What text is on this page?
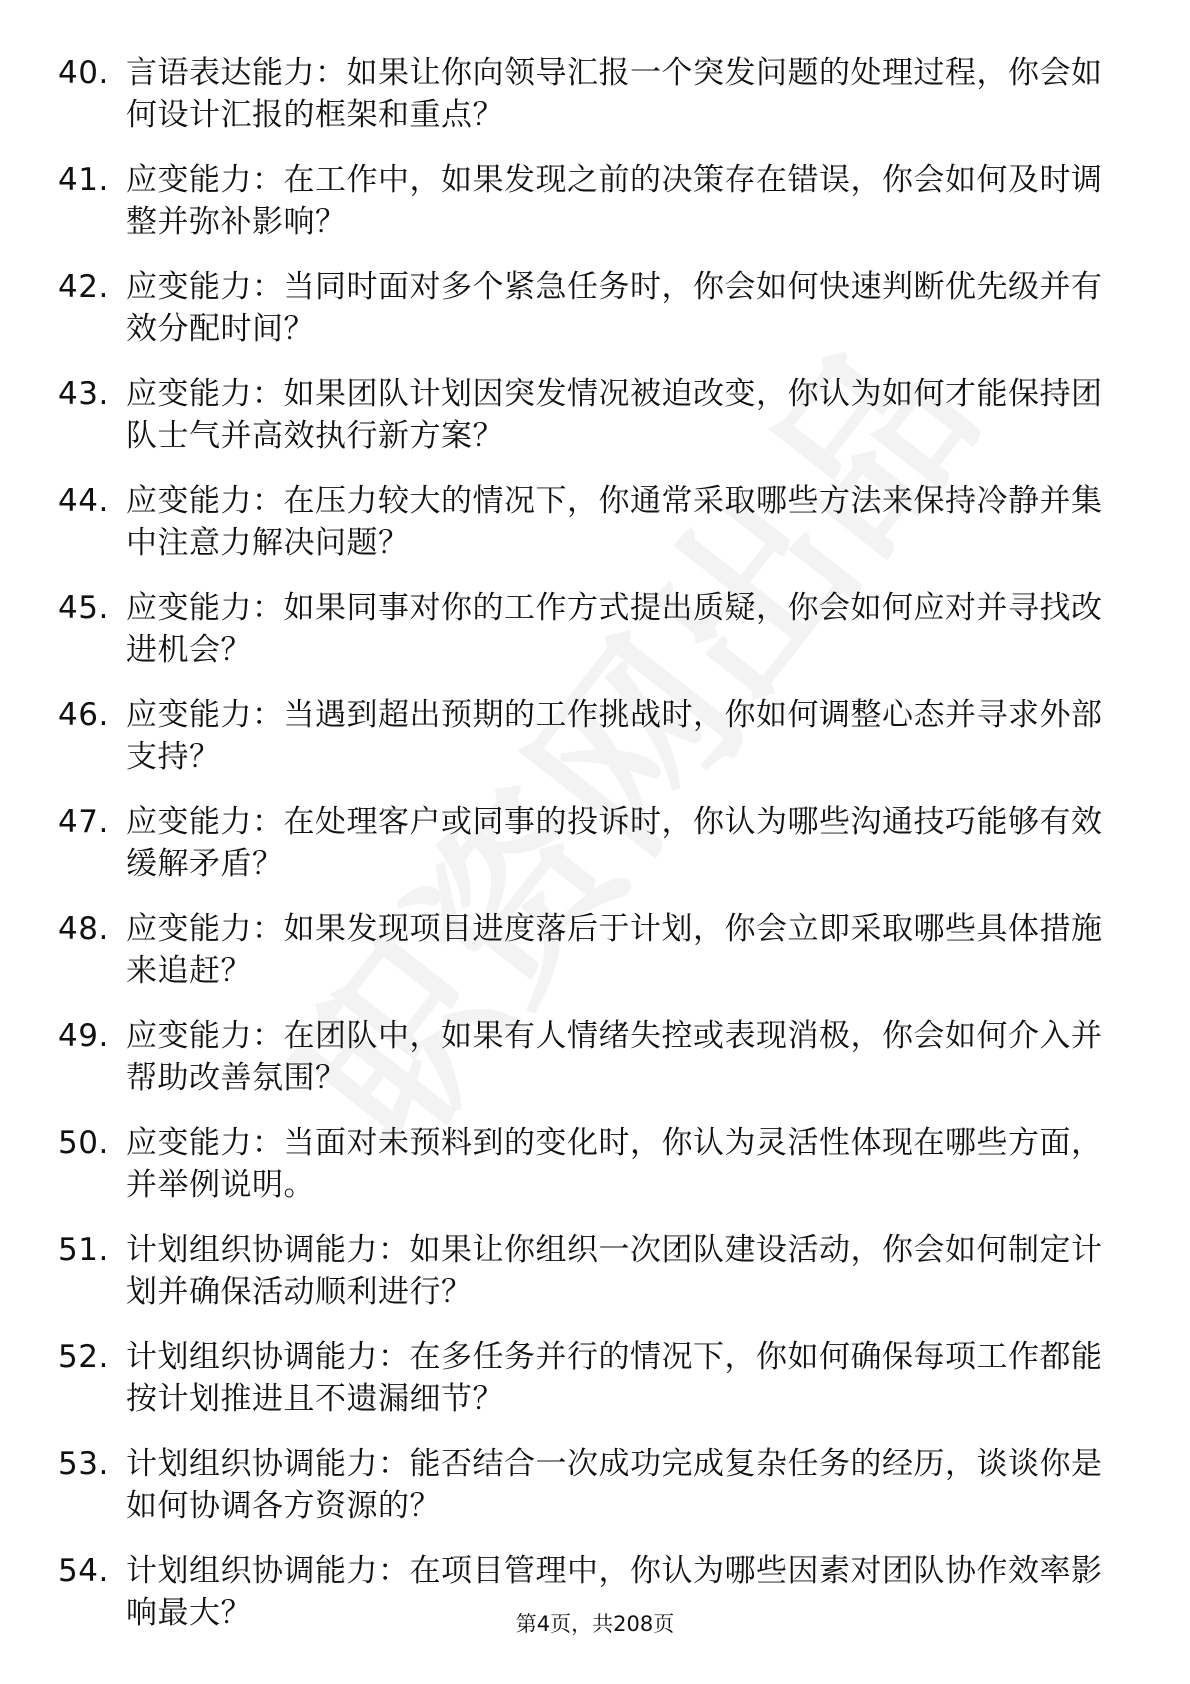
40. 言语表达能力：如果让你向领导汇报一个突发问题的处理过程，你会如何设计汇报的框架和重点？
41. 应变能力：在工作中，如果发现之前的决策存在错误，你会如何及时调整并弥补影响？
42. 应变能力：当同时面对多个紧急任务时，你会如何快速判断优先级并有效分配时间？
43. 应变能力：如果团队计划因突发情况被迫改变，你认为如何才能保持团队士气并高效执行新方案？
44. 应变能力：在压力较大的情况下，你通常采取哪些方法来保持冷静并集中注意力解决问题？
45. 应变能力：如果同事对你的工作方式提出质疑，你会如何应对并寻找改进机会？
46. 应变能力：当遇到超出预期的工作挑战时，你如何调整心态并寻求外部支持？
47. 应变能力：在处理客户或同事的投诉时，你认为哪些沟通技巧能够有效缓解矛盾？
48. 应变能力：如果发现项目进度落后于计划，你会立即采取哪些具体措施来追赶？
49. 应变能力：在团队中，如果有人情绪失控或表现消极，你会如何介入并帮助改善氛围？
50. 应变能力：当面对未预料到的变化时，你认为灵活性体现在哪些方面，并举例说明。
51. 计划组织协调能力：如果让你组织一次团队建设活动，你会如何制定计划并确保活动顺利进行？
52. 计划组织协调能力：在多任务并行的情况下，你如何确保每项工作都能按计划推进且不遗漏细节？
53. 计划组织协调能力：能否结合一次成功完成复杂任务的经历，谈谈你是如何协调各方资源的？
54. 计划组织协调能力：在项目管理中，你认为哪些因素对团队协作效率影响最大？	第4页，共208页
